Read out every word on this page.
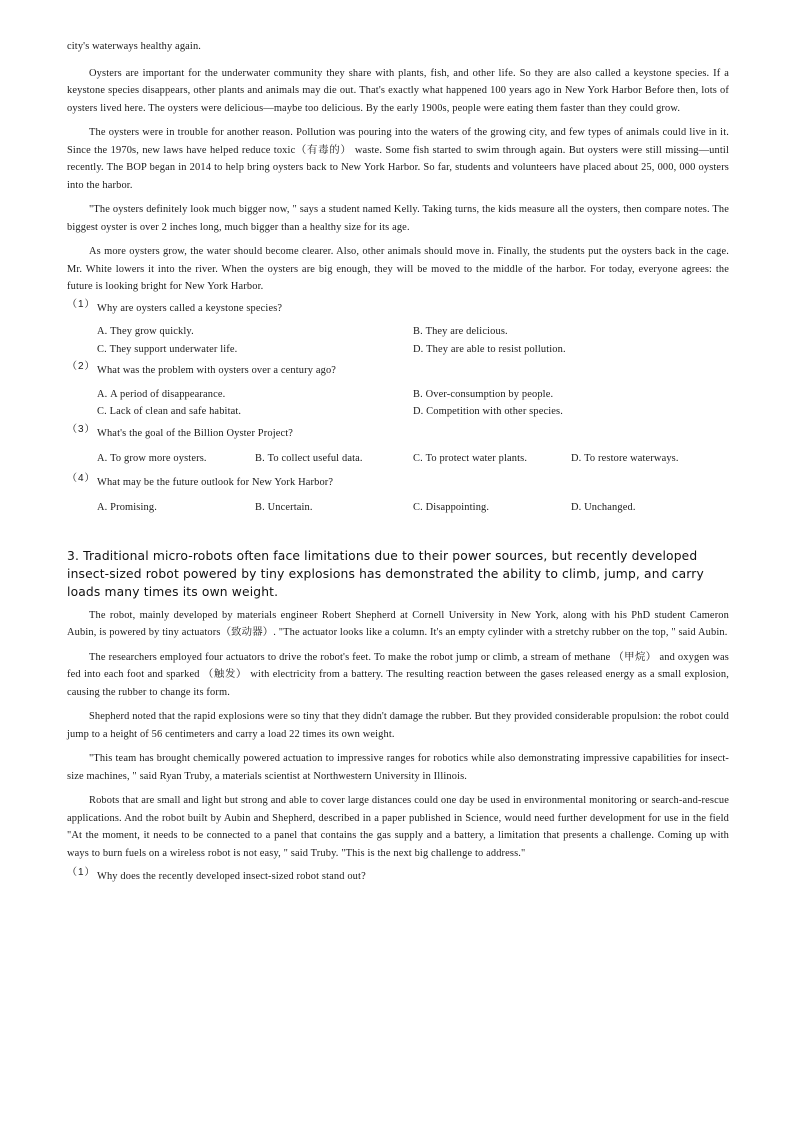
city's waterways healthy again.

Oysters are important for the underwater community they share with plants, fish, and other life. So they are also called a keystone species. If a keystone species disappears, other plants and animals may die out. That's exactly what happened 100 years ago in New York Harbor Before then, lots of oysters lived here. The oysters were delicious—maybe too delicious. By the early 1900s, people were eating them faster than they could grow.

The oysters were in trouble for another reason. Pollution was pouring into the waters of the growing city, and few types of animals could live in it. Since the 1970s, new laws have helped reduce toxic（有毒的） waste. Some fish started to swim through again. But oysters were still missing—until recently. The BOP began in 2014 to help bring oysters back to New York Harbor. So far, students and volunteers have placed about 25, 000, 000 oysters into the harbor.

"The oysters definitely look much bigger now, " says a student named Kelly. Taking turns, the kids measure all the oysters, then compare notes. The biggest oyster is over 2 inches long, much bigger than a healthy size for its age.

As more oysters grow, the water should become clearer. Also, other animals should move in. Finally, the students put the oysters back in the cage. Mr. White lowers it into the river. When the oysters are big enough, they will be moved to the middle of the harbor. For today, everyone agrees: the future is looking bright for New York Harbor.

（1） Why are oysters called a keystone species?

A. They grow quickly.	B. They are delicious.
C. They support underwater life.	D. They are able to resist pollution.
（2） What was the problem with oysters over a century ago?

A. A period of disappearance.	B. Over-consumption by people.
C. Lack of clean and safe habitat.	D. Competition with other species.
（3） What's the goal of the Billion Oyster Project?

A. To grow more oysters.	B. To collect useful data.	C. To protect water plants.	D. To restore waterways.
（4） What may be the future outlook for New York Harbor?

A. Promising.	B. Uncertain.	C. Disappointing.	D. Unchanged.

3. Traditional micro-robots often face limitations due to their power sources, but recently developed insect-sized robot powered by tiny explosions has demonstrated the ability to climb, jump, and carry loads many times its own weight.

The robot, mainly developed by materials engineer Robert Shepherd at Cornell University in New York, along with his PhD student Cameron Aubin, is powered by tiny actuators（致动器）. "The actuator looks like a column. It's an empty cylinder with a stretchy rubber on the top, " said Aubin.

The researchers employed four actuators to drive the robot's feet. To make the robot jump or climb, a stream of methane （甲烷） and oxygen was fed into each foot and sparked （触发） with electricity from a battery. The resulting reaction between the gases released energy as a small explosion, causing the rubber to change its form.

Shepherd noted that the rapid explosions were so tiny that they didn't damage the rubber. But they provided considerable propulsion: the robot could jump to a height of 56 centimeters and carry a load 22 times its own weight.

"This team has brought chemically powered actuation to impressive ranges for robotics while also demonstrating impressive capabilities for insect-size machines, " said Ryan Truby, a materials scientist at Northwestern University in Illinois.

Robots that are small and light but strong and able to cover large distances could one day be used in environmental monitoring or search-and-rescue applications. And the robot built by Aubin and Shepherd, described in a paper published in Science, would need further development for use in the field "At the moment, it needs to be connected to a panel that contains the gas supply and a battery, a limitation that presents a challenge. Coming up with ways to burn fuels on a wireless robot is not easy, " said Truby. "This is the next big challenge to address."

（1） Why does the recently developed insect-sized robot stand out?
